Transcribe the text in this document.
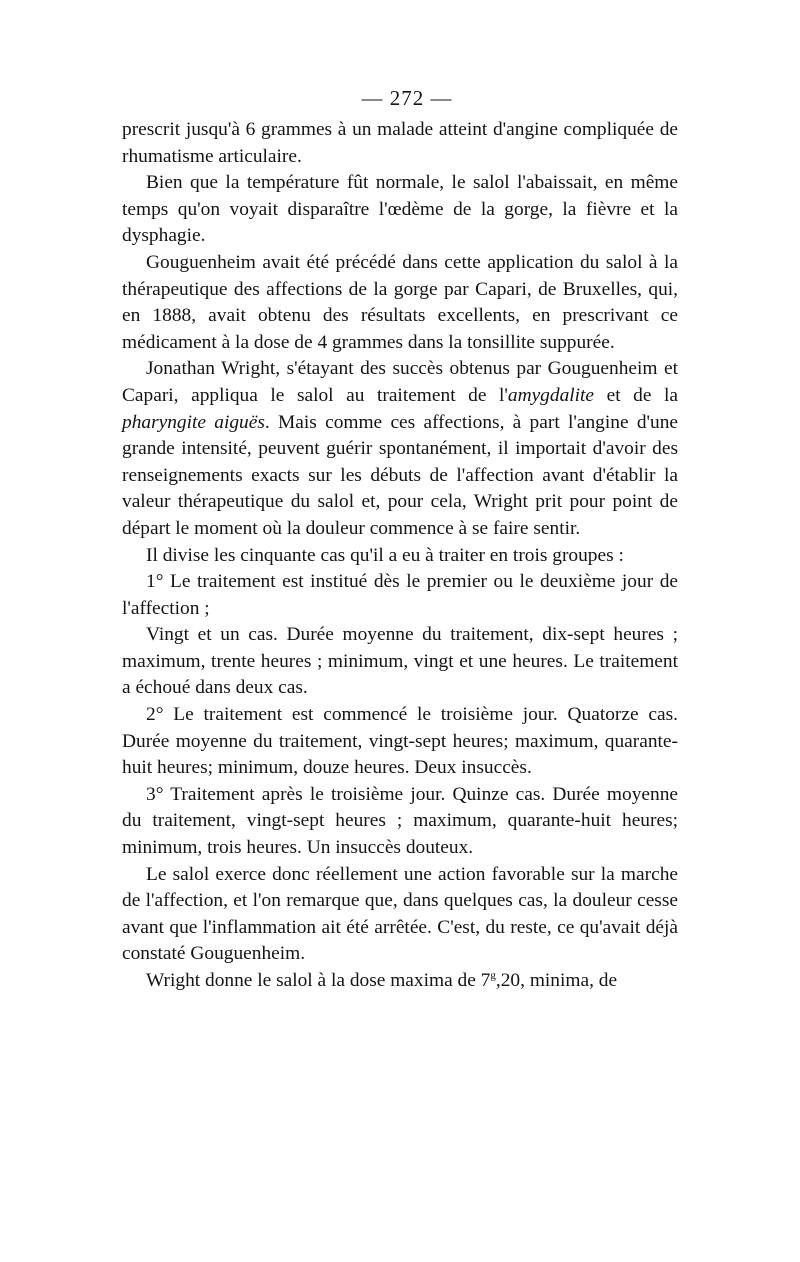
— 272 —

prescrit jusqu'à 6 grammes à un malade atteint d'angine compliquée de rhumatisme articulaire.

Bien que la température fût normale, le salol l'abaissait, en même temps qu'on voyait disparaître l'œdème de la gorge, la fièvre et la dysphagie.

Gouguenheim avait été précédé dans cette application du salol à la thérapeutique des affections de la gorge par Capari, de Bruxelles, qui, en 1888, avait obtenu des résultats excellents, en prescrivant ce médicament à la dose de 4 grammes dans la tonsillite suppurée.

Jonathan Wright, s'étayant des succès obtenus par Gouguenheim et Capari, appliqua le salol au traitement de l'amygdalite et de la pharyngite aiguës. Mais comme ces affections, à part l'angine d'une grande intensité, peuvent guérir spontanément, il importait d'avoir des renseignements exacts sur les débuts de l'affection avant d'établir la valeur thérapeutique du salol et, pour cela, Wright prit pour point de départ le moment où la douleur commence à se faire sentir.

Il divise les cinquante cas qu'il a eu à traiter en trois groupes :

1° Le traitement est institué dès le premier ou le deuxième jour de l'affection ;

Vingt et un cas. Durée moyenne du traitement, dix-sept heures ; maximum, trente heures ; minimum, vingt et une heures. Le traitement a échoué dans deux cas.

2° Le traitement est commencé le troisième jour. Quatorze cas. Durée moyenne du traitement, vingt-sept heures; maximum, quarante-huit heures; minimum, douze heures. Deux insuccès.

3° Traitement après le troisième jour. Quinze cas. Durée moyenne du traitement, vingt-sept heures ; maximum, quarante-huit heures; minimum, trois heures. Un insuccès douteux.

Le salol exerce donc réellement une action favorable sur la marche de l'affection, et l'on remarque que, dans quelques cas, la douleur cesse avant que l'inflammation ait été arrêtée. C'est, du reste, ce qu'avait déjà constaté Gouguenheim.

Wright donne le salol à la dose maxima de 7$^g$,20, minima, de
